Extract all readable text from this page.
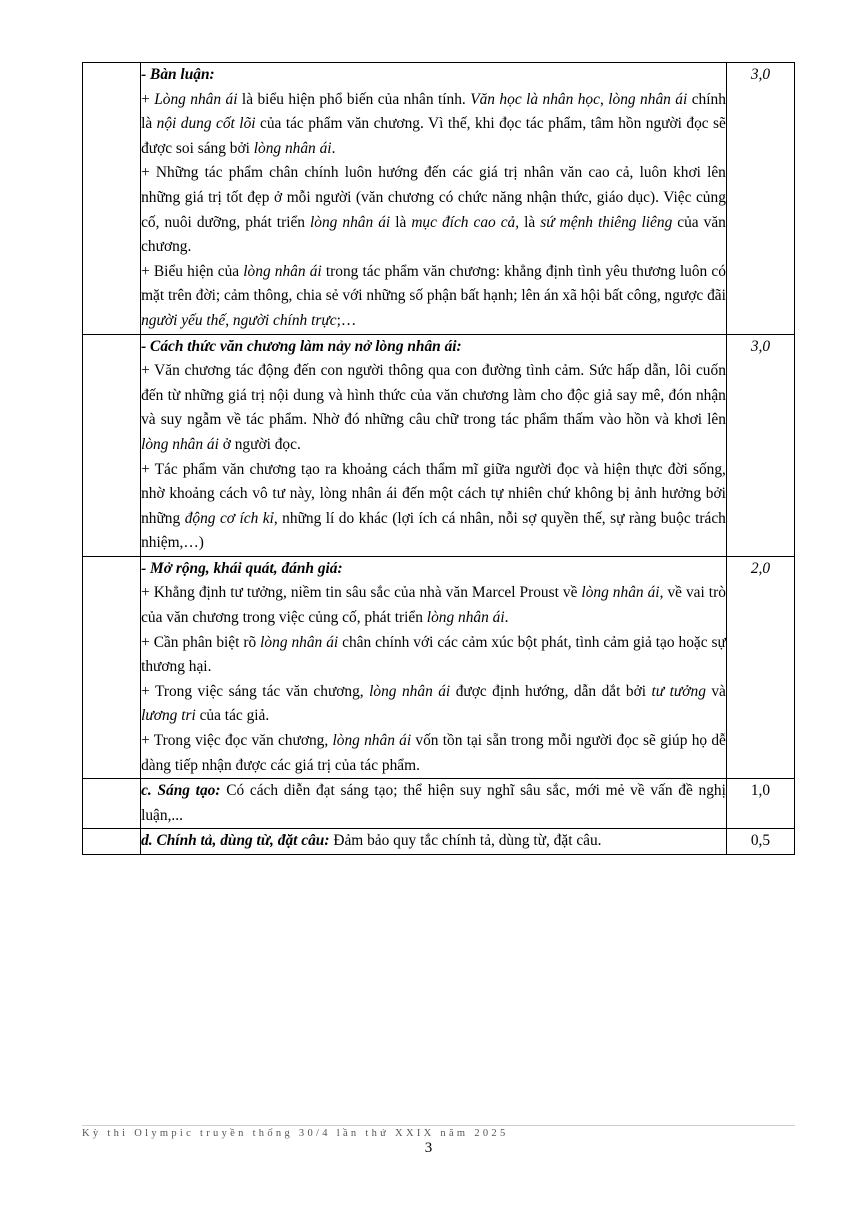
	- Bàn luận:

+ Lòng nhân ái là biểu hiện phổ biến của nhân tính. Văn học là nhân học, lòng nhân ái chính là nội dung cốt lõi của tác phẩm văn chương. Vì thế, khi đọc tác phẩm, tâm hồn người đọc sẽ được soi sáng bởi lòng nhân ái.

+ Những tác phẩm chân chính luôn hướng đến các giá trị nhân văn cao cả, luôn khơi lên những giá trị tốt đẹp ở mỗi người (văn chương có chức năng nhận thức, giáo dục). Việc củng cố, nuôi dưỡng, phát triển lòng nhân ái là mục đích cao cả, là sứ mệnh thiêng liêng của văn chương.

+ Biểu hiện của lòng nhân ái trong tác phẩm văn chương: khẳng định tình yêu thương luôn có mặt trên đời; cảm thông, chia sẻ với những số phận bất hạnh; lên án xã hội bất công, ngược đãi người yếu thế, người chính trực;…	3,0

	- Cách thức văn chương làm nảy nở lòng nhân ái:

+ Văn chương tác động đến con người thông qua con đường tình cảm. Sức hấp dẫn, lôi cuốn đến từ những giá trị nội dung và hình thức của văn chương làm cho độc giả say mê, đón nhận và suy ngẫm về tác phẩm. Nhờ đó những câu chữ trong tác phẩm thấm vào hồn và khơi lên lòng nhân ái ở người đọc.

+ Tác phẩm văn chương tạo ra khoảng cách thẩm mĩ giữa người đọc và hiện thực đời sống, nhờ khoảng cách vô tư này, lòng nhân ái đến một cách tự nhiên chứ không bị ảnh hưởng bởi những động cơ ích kỉ, những lí do khác (lợi ích cá nhân, nỗi sợ quyền thế, sự ràng buộc trách nhiệm,…)	3,0

	- Mở rộng, khái quát, đánh giá:

+ Khẳng định tư tưởng, niềm tin sâu sắc của nhà văn Marcel Proust về lòng nhân ái, về vai trò của văn chương trong việc củng cố, phát triển lòng nhân ái.

+ Cần phân biệt rõ lòng nhân ái chân chính với các cảm xúc bột phát, tình cảm giả tạo hoặc sự thương hại.

+ Trong việc sáng tác văn chương, lòng nhân ái được định hướng, dẫn dắt bởi tư tưởng và lương tri của tác giả.

+ Trong việc đọc văn chương, lòng nhân ái vốn tồn tại sẵn trong mỗi người đọc sẽ giúp họ dễ dàng tiếp nhận được các giá trị của tác phẩm.	2,0

	c. Sáng tạo: Có cách diễn đạt sáng tạo; thể hiện suy nghĩ sâu sắc, mới mẻ về vấn đề nghị luận,...	1,0

	d. Chính tả, dùng từ, đặt câu: Đảm bảo quy tắc chính tả, dùng từ, đặt câu.	0,5
Kỳ thi Olympic truyền thống 30/4 lần thứ XXIX năm 2025
3
